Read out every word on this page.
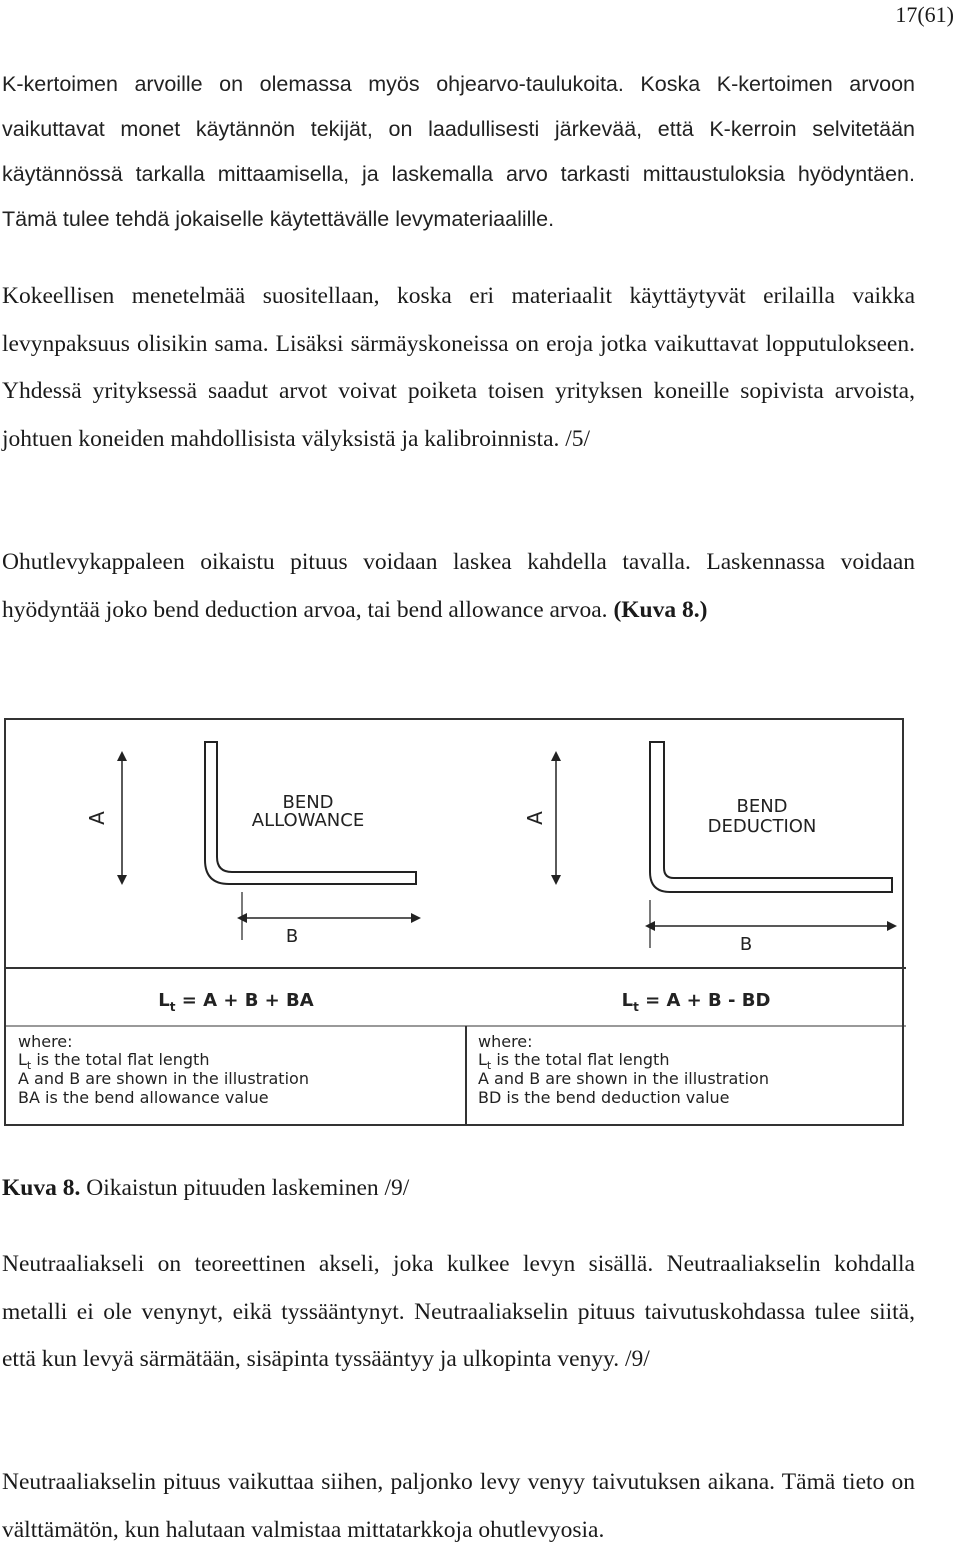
17(61)

K-kertoimen arvoille on olemassa myös ohjearvo-taulukoita. Koska K-kertoimen arvoon vaikuttavat monet käytännön tekijät, on laadullisesti järkevää, että K-kerroin selvitetään käytännössä tarkalla mittaamisella, ja laskemalla arvo tarkasti mittaustuloksia hyödyntäen. Tämä tulee tehdä jokaiselle käytettävälle levymateriaalille.

Kokeellisen menetelmää suositellaan, koska eri materiaalit käyttäytyvät erilailla vaikka levynpaksuus olisikin sama. Lisäksi särmäyskoneissa on eroja jotka vaikuttavat lopputulokseen. Yhdessä yrityksessä saadut arvot voivat poiketa toisen yrityksen koneille sopivista arvoista, johtuen koneiden mahdollisista välyksistä ja kalibroinnista. /5/

Ohutlevykappaleen oikaistu pituus voidaan laskea kahdella tavalla. Laskennassa voidaan hyödyntää joko bend deduction arvoa, tai bend allowance arvoa. (Kuva 8.)

A
B
BEND
ALLOWANCE
$L_t = A + B$ + BA
where:
$L_t$ is the total flat length
A and B are shown in the illustration
BA is the bend allowance value
A
B
BEND
DEDUCTION
$L_t = A + B$ - BD
where:
$L_t$ is the total flat length
A and B are shown in the illustration
BD is the bend deduction value
Kuva 8. Oikaistun pituuden laskeminen /9/

Neutraaliakseli on teoreettinen akseli, joka kulkee levyn sisällä. Neutraaliakselin kohdalla metalli ei ole venynyt, eikä tyssääntynyt. Neutraaliakselin pituus taivutuskohdassa tulee siitä, että kun levyä särmätään, sisäpinta tyssääntyy ja ulkopinta venyy. /9/

Neutraaliakselin pituus vaikuttaa siihen, paljonko levy venyy taivutuksen aikana. Tämä tieto on välttämätön, kun halutaan valmistaa mittatarkkoja ohutlevyosia.
